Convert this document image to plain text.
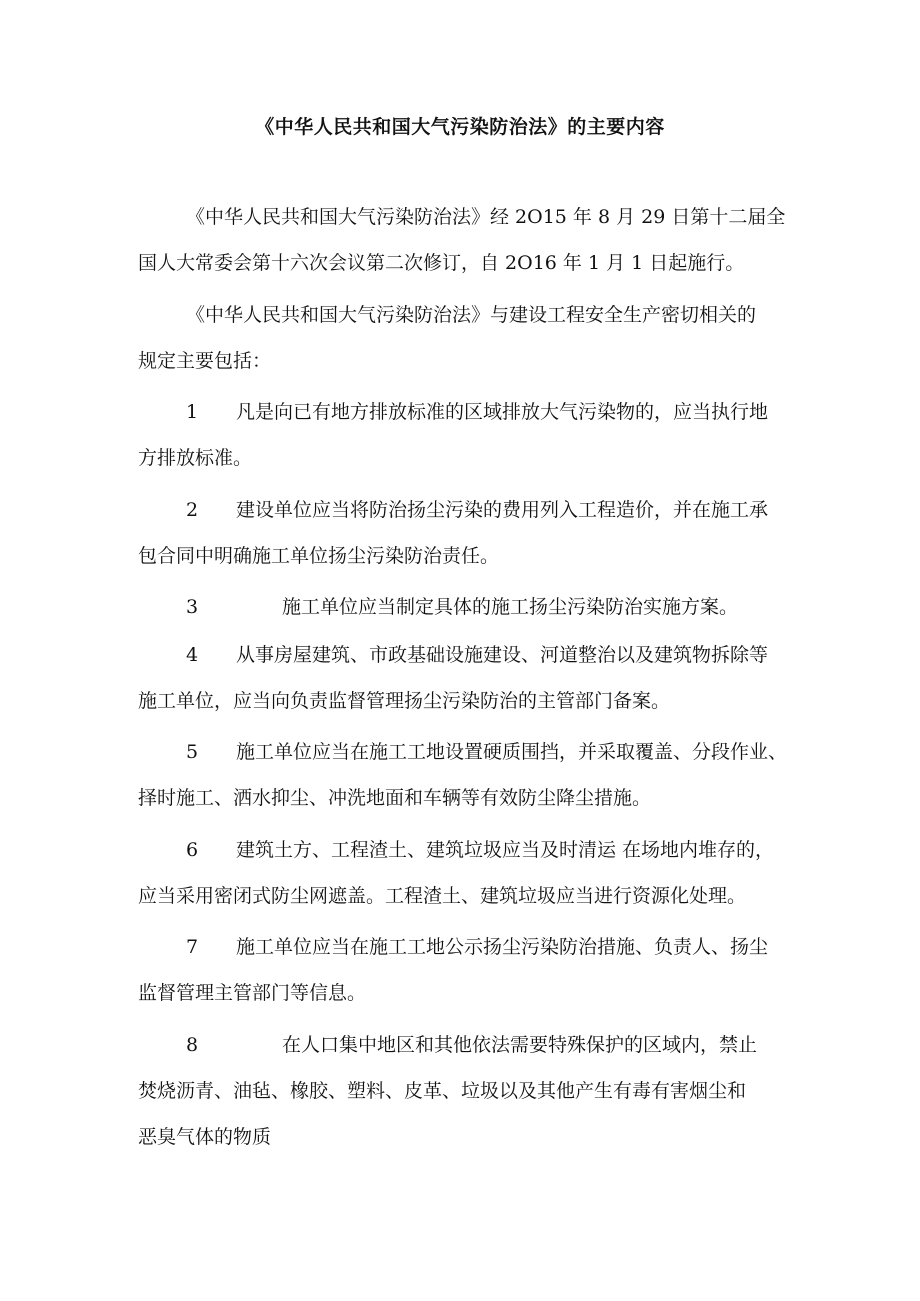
《中华人民共和国大气污染防治法》的主要内容
《中华人民共和国大气污染防治法》经 2O15 年 8 月 29 日第十二届全
国人大常委会第十六次会议第二次修订，自 2O16 年 1 月 1 日起施行。
《中华人民共和国大气污染防治法》与建设工程安全生产密切相关的
规定主要包括：
1 凡是向已有地方排放标准的区域排放大气污染物的，应当执行地
方排放标准。
2 建设单位应当将防治扬尘污染的费用列入工程造价，并在施工承
包合同中明确施工单位扬尘污染防治责任。
3	施工单位应当制定具体的施工扬尘污染防治实施方案。
4 从事房屋建筑、市政基础设施建设、河道整治以及建筑物拆除等
施工单位，应当向负责监督管理扬尘污染防治的主管部门备案。
5 施工单位应当在施工工地设置硬质围挡，并采取覆盖、分段作业、
择时施工、洒水抑尘、冲洗地面和车辆等有效防尘降尘措施。
6 建筑土方、工程渣土、建筑垃圾应当及时清运 在场地内堆存的，
应当采用密闭式防尘网遮盖。工程渣土、建筑垃圾应当进行资源化处理。
7 施工单位应当在施工工地公示扬尘污染防治措施、负责人、扬尘
监督管理主管部门等信息。
8	在人口集中地区和其他依法需要特殊保护的区域内，禁止
焚烧沥青、油毡、橡胶、塑料、皮革、垃圾以及其他产生有毒有害烟尘和
恶臭气体的物质
